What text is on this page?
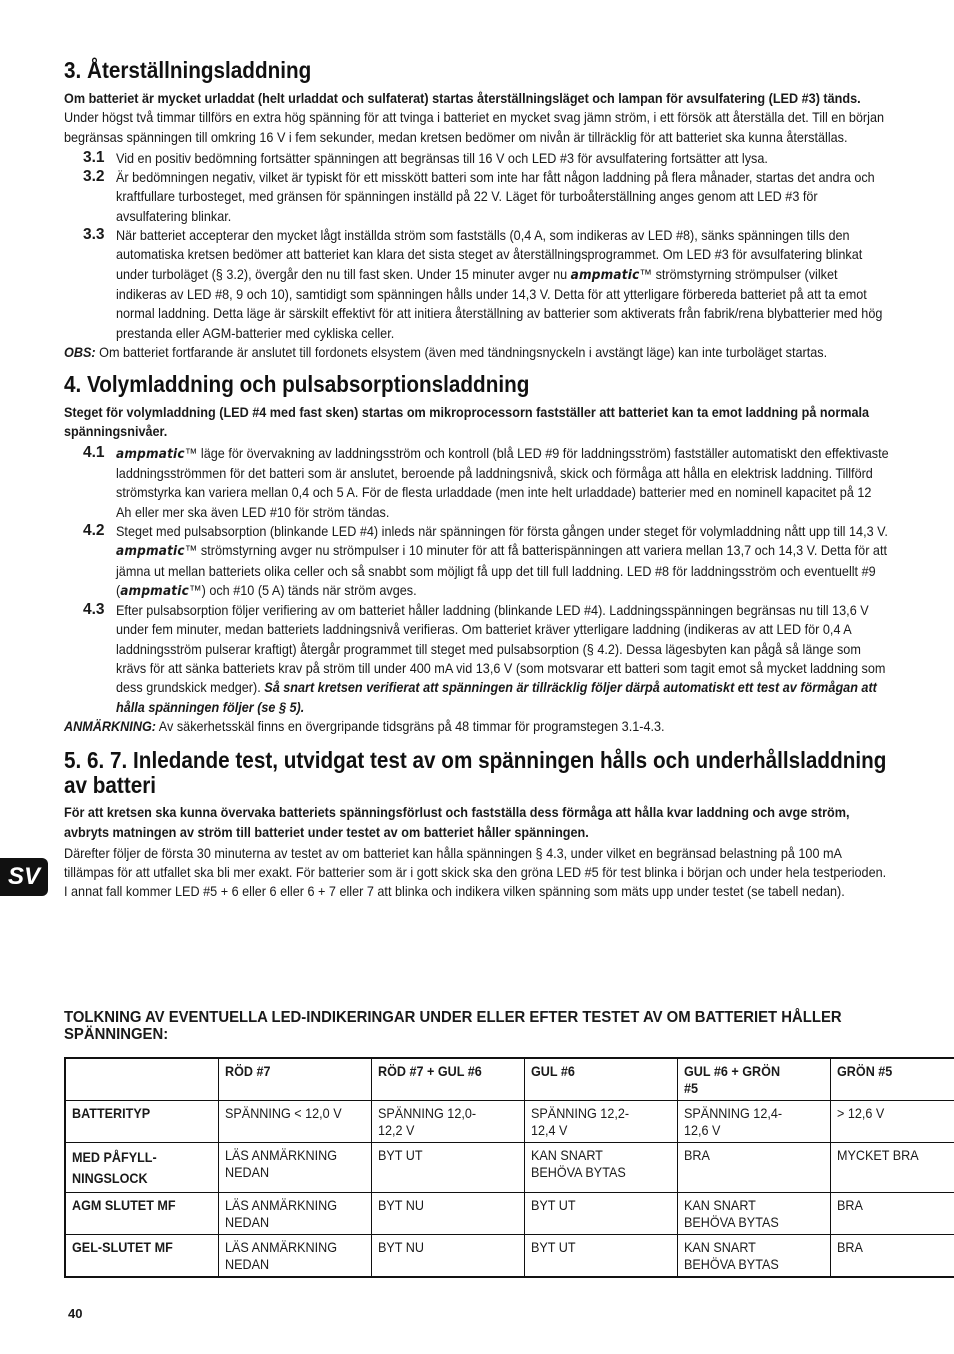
SV
3. Återställningsladdning
Om batteriet är mycket urladdat (helt urladdat och sulfaterat) startas återställningsläget och lampan för avsulfatering (LED #3) tänds. Under högst två timmar tillförs en extra hög spänning för att tvinga i batteriet en mycket svag jämn ström, i ett försök att återställa det. Till en början begränsas spänningen till omkring 16 V i fem sekunder, medan kretsen bedömer om nivån är tillräcklig för att batteriet ska kunna återställas.
3.1 Vid en positiv bedömning fortsätter spänningen att begränsas till 16 V och LED #3 för avsulfatering fortsätter att lysa.
3.2 Är bedömningen negativ, vilket är typiskt för ett misskött batteri som inte har fått någon laddning på flera månader, startas det andra och kraftfullare turbosteget, med gränsen för spänningen inställd på 22 V. Läget för turboåterställning anges genom att LED #3 för avsulfatering blinkar.
3.3 När batteriet accepterar den mycket lågt inställda ström som fastställs (0,4 A, som indikeras av LED #8), sänks spänningen tills den automatiska kretsen bedömer att batteriet kan klara det sista steget av återställningsprogrammet. Om LED #3 för avsulfatering blinkat under turboläget (§ 3.2), övergår den nu till fast sken. Under 15 minuter avger nu ampmatic™ strömstyrning strömpulser (vilket indikeras av LED #8, 9 och 10), samtidigt som spänningen hålls under 14,3 V. Detta för att ytterligare förbereda batteriet på att ta emot normal laddning. Detta läge är särskilt effektivt för att initiera återställning av batterier som aktiverats från fabrik/rena blybatterier med hög prestanda eller AGM-batterier med cykliska celler.
OBS: Om batteriet fortfarande är anslutet till fordonets elsystem (även med tändningsnyckeln i avstängt läge) kan inte turboläget startas.
4. Volymladdning och pulsabsorptionsladdning
Steget för volymladdning (LED #4 med fast sken) startas om mikroprocessorn fastställer att batteriet kan ta emot laddning på normala spänningsnivåer.
4.1 ampmatic™ läge för övervakning av laddningsström och kontroll (blå LED #9 för laddningsström) fastställer automatiskt den effektivaste laddningsströmmen för det batteri som är anslutet, beroende på laddningsnivå, skick och förmåga att hålla en elektrisk laddning. Tillförd strömstyrka kan variera mellan 0,4 och 5 A. För de flesta urladdade (men inte helt urladdade) batterier med en nominell kapacitet på 12 Ah eller mer ska även LED #10 för ström tändas.
4.2 Steget med pulsabsorption (blinkande LED #4) inleds när spänningen för första gången under steget för volymladdning nått upp till 14,3 V. ampmatic™ strömstyrning avger nu strömpulser i 10 minuter för att få batterispänningen att variera mellan 13,7 och 14,3 V. Detta för att jämna ut mellan batteriets olika celler och så snabbt som möjligt få upp det till full laddning. LED #8 för laddningsström och eventuellt #9 (ampmatic™) och #10 (5 A) tänds när ström avges.
4.3 Efter pulsabsorption följer verifiering av om batteriet håller laddning (blinkande LED #4). Laddningsspänningen begränsas nu till 13,6 V under fem minuter, medan batteriets laddningsnivå verifieras. Om batteriet kräver ytterligare laddning (indikeras av att LED för 0,4 A laddningsström pulserar kraftigt) återgår programmet till steget med pulsabsorption (§ 4.2). Dessa lägesbyten kan pågå så länge som krävs för att sänka batteriets krav på ström till under 400 mA vid 13,6 V (som motsvarar ett batteri som tagit emot så mycket laddning som dess grundskick medger). Så snart kretsen verifierat att spänningen är tillräcklig följer därpå automatiskt ett test av förmågan att hålla spänningen följer (se § 5).
ANMÄRKNING: Av säkerhetsskäl finns en övergripande tidsgräns på 48 timmar för programstegen 3.1-4.3.
5. 6. 7. Inledande test, utvidgat test av om spänningen hålls och underhållsladdning av batteri
För att kretsen ska kunna övervaka batteriets spänningsförlust och fastställa dess förmåga att hålla kvar laddning och avge ström, avbryts matningen av ström till batteriet under testet av om batteriet håller spänningen.
Därefter följer de första 30 minuterna av testet av om batteriet kan hålla spänningen § 4.3, under vilket en begränsad belastning på 100 mA tillämpas för att utfallet ska bli mer exakt. För batterier som är i gott skick ska den gröna LED #5 för test blinka i början och under hela testperioden. I annat fall kommer LED #5 + 6 eller 6 eller 6 + 7 eller 7 att blinka och indikera vilken spänning som mäts upp under testet (se tabell nedan).
TOLKNING AV EVENTUELLA LED-INDIKERINGAR UNDER ELLER EFTER TESTET AV OM BATTERIET HÅLLER SPÄNNINGEN:
	RÖD #7	RÖD #7 + GUL #6	GUL #6	GUL #6 + GRÖN #5	GRÖN #5
BATTERITYP	SPÄNNING < 12,0 V	SPÄNNING 12,0-12,2 V	SPÄNNING 12,2-12,4 V	SPÄNNING 12,4-12,6 V	> 12,6 V
MED PÅFYLL-NINGSLOCK	LÄS ANMÄRKNING NEDAN	BYT UT	KAN SNART BEHÖVA BYTAS	BRA	MYCKET BRA
AGM SLUTET MF	LÄS ANMÄRKNING NEDAN	BYT NU	BYT UT	KAN SNART BEHÖVA BYTAS	BRA
GEL-SLUTET MF	LÄS ANMÄRKNING NEDAN	BYT NU	BYT UT	KAN SNART BEHÖVA BYTAS	BRA
40
